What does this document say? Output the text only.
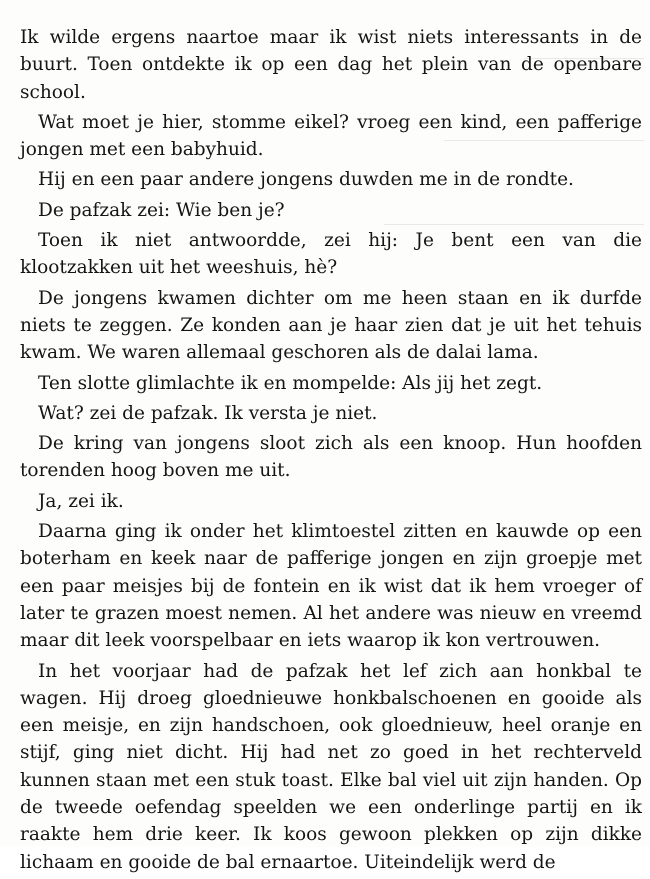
Ik wilde ergens naartoe maar ik wist niets interessants in de buurt. Toen ontdekte ik op een dag het plein van de openbare school.

Wat moet je hier, stomme eikel? vroeg een kind, een pafferige jongen met een babyhuid.

Hij en een paar andere jongens duwden me in de rondte.

De pafzak zei: Wie ben je?

Toen ik niet antwoordde, zei hij: Je bent een van die klootzakken uit het weeshuis, hè?

De jongens kwamen dichter om me heen staan en ik durfde niets te zeggen. Ze konden aan je haar zien dat je uit het tehuis kwam. We waren allemaal geschoren als de dalai lama.

Ten slotte glimlachte ik en mompelde: Als jij het zegt.

Wat? zei de pafzak. Ik versta je niet.

De kring van jongens sloot zich als een knoop. Hun hoofden torenden hoog boven me uit.

Ja, zei ik.

Daarna ging ik onder het klimtoestel zitten en kauwde op een boterham en keek naar de pafferige jongen en zijn groepje met een paar meisjes bij de fontein en ik wist dat ik hem vroeger of later te grazen moest nemen. Al het andere was nieuw en vreemd maar dit leek voorspelbaar en iets waarop ik kon vertrouwen.

In het voorjaar had de pafzak het lef zich aan honkbal te wagen. Hij droeg gloednieuwe honkbalschoenen en gooide als een meisje, en zijn handschoen, ook gloednieuw, heel oranje en stijf, ging niet dicht. Hij had net zo goed in het rechterveld kunnen staan met een stuk toast. Elke bal viel uit zijn handen. Op de tweede oefendag speelden we een onderlinge partij en ik raakte hem drie keer. Ik koos gewoon plekken op zijn dikke lichaam en gooide de bal ernaartoe. Uiteindelijk werd de
